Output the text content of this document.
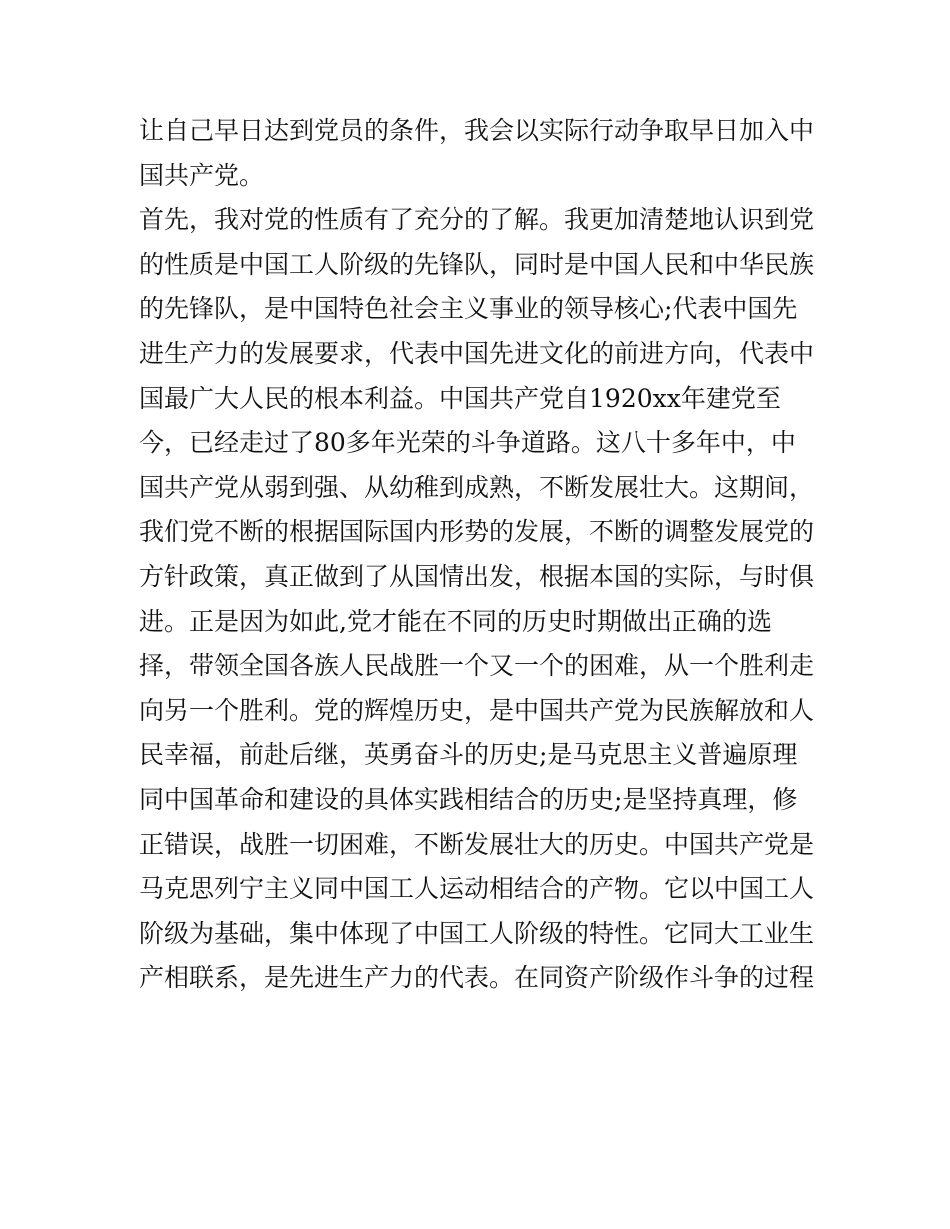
让自己早日达到党员的条件，我会以实际行动争取早日加入中
国共产党。
首先，我对党的性质有了充分的了解。我更加清楚地认识到党
的性质是中国工人阶级的先锋队，同时是中国人民和中华民族
的先锋队，是中国特色社会主义事业的领导核心;代表中国先
进生产力的发展要求，代表中国先进文化的前进方向，代表中
国最广大人民的根本利益。中国共产党自1920xx年建党至
今，已经走过了80多年光荣的斗争道路。这八十多年中，中
国共产党从弱到强、从幼稚到成熟，不断发展壮大。这期间，
我们党不断的根据国际国内形势的发展，不断的调整发展党的
方针政策，真正做到了从国情出发，根据本国的实际，与时俱
进。正是因为如此,党才能在不同的历史时期做出正确的选
择，带领全国各族人民战胜一个又一个的困难，从一个胜利走
向另一个胜利。党的辉煌历史，是中国共产党为民族解放和人
民幸福，前赴后继，英勇奋斗的历史;是马克思主义普遍原理
同中国革命和建设的具体实践相结合的历史;是坚持真理，修
正错误，战胜一切困难，不断发展壮大的历史。中国共产党是
马克思列宁主义同中国工人运动相结合的产物。它以中国工人
阶级为基础，集中体现了中国工人阶级的特性。它同大工业生
产相联系，是先进生产力的代表。在同资产阶级作斗争的过程
